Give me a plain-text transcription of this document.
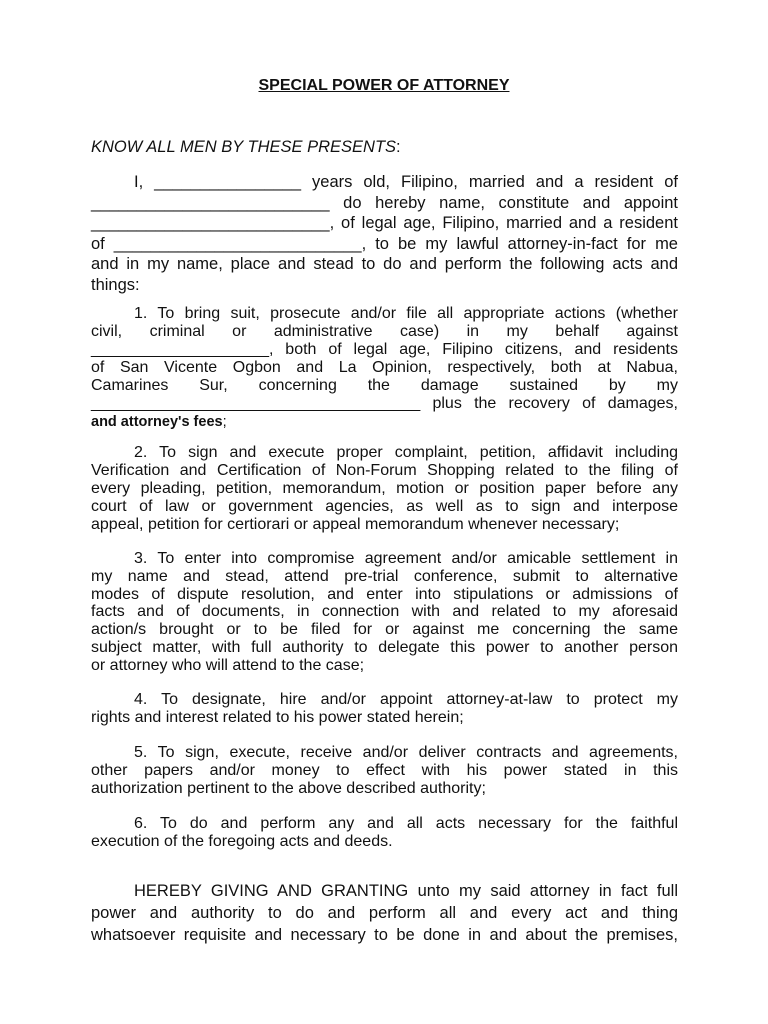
SPECIAL POWER OF ATTORNEY
KNOW ALL MEN BY THESE PRESENTS:
I, ________________ years old, Filipino, married and a resident of
__________________________ do hereby name, constitute and appoint
__________________________, of legal age, Filipino, married and a resident
of ___________________________, to be my lawful attorney-in-fact for me
and in my name, place and stead to do and perform the following acts and
things:
1. To bring suit, prosecute and/or file all appropriate actions (whether
civil, criminal or administrative case) in my behalf against
____________________, both of legal age, Filipino citizens, and residents
of San Vicente Ogbon and La Opinion, respectively, both at Nabua,
Camarines Sur, concerning the damage sustained by my
_____________________________________ plus the recovery of damages,
and attorney's fees;
2. To sign and execute proper complaint, petition, affidavit including
Verification and Certification of Non-Forum Shopping related to the filing of
every pleading, petition, memorandum, motion or position paper before any
court of law or government agencies, as well as to sign and interpose
appeal, petition for certiorari or appeal memorandum whenever necessary;
3. To enter into compromise agreement and/or amicable settlement in
my name and stead, attend pre-trial conference, submit to alternative
modes of dispute resolution, and enter into stipulations or admissions of
facts and of documents, in connection with and related to my aforesaid
action/s brought or to be filed for or against me concerning the same
subject matter, with full authority to delegate this power to another person
or attorney who will attend to the case;
4. To designate, hire and/or appoint attorney-at-law to protect my
rights and interest related to his power stated herein;
5. To sign, execute, receive and/or deliver contracts and agreements,
other papers and/or money to effect with his power stated in this
authorization pertinent to the above described authority;
6. To do and perform any and all acts necessary for the faithful
execution of the foregoing acts and deeds.
HEREBY GIVING AND GRANTING unto my said attorney in fact full
power and authority to do and perform all and every act and thing
whatsoever requisite and necessary to be done in and about the premises,
